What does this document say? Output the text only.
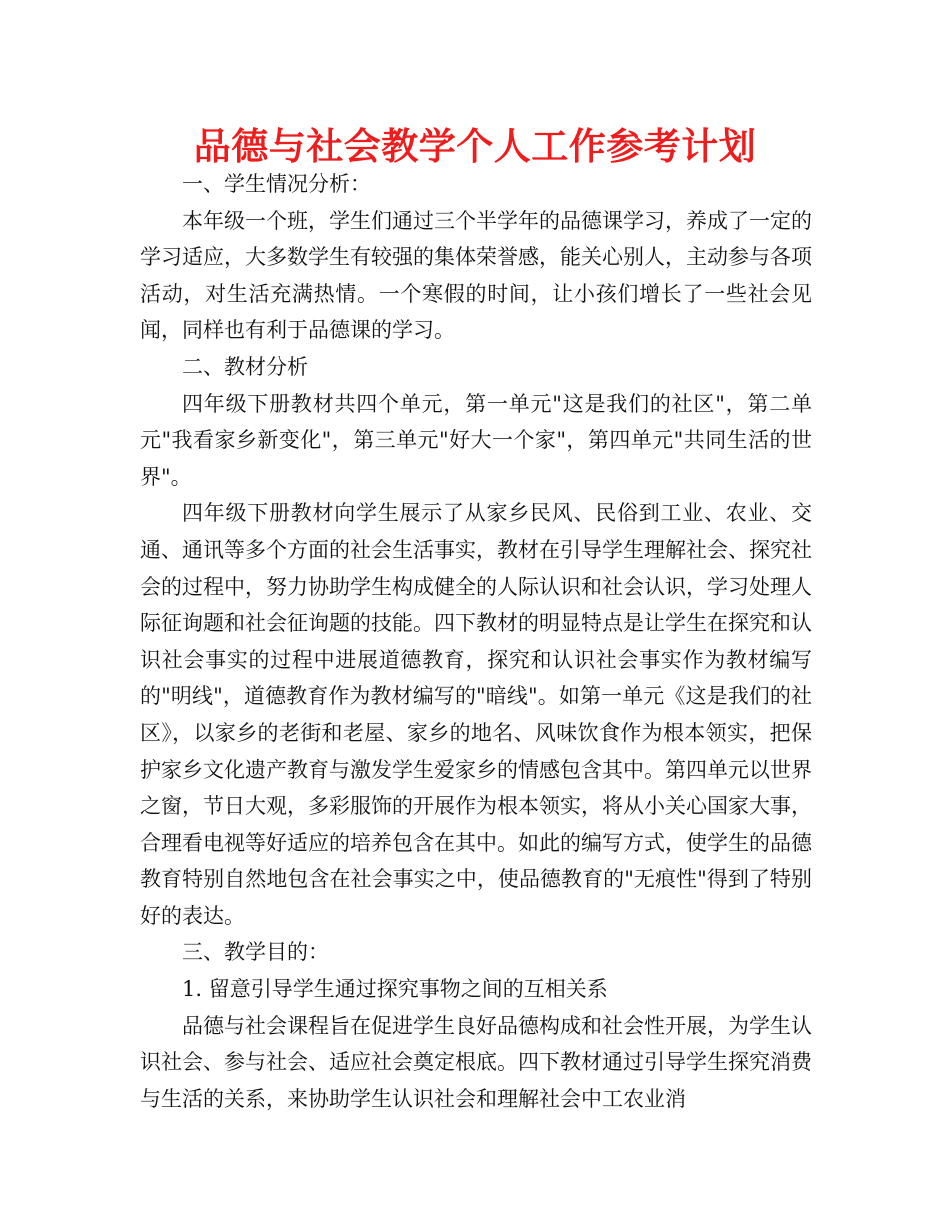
品德与社会教学个人工作参考计划

一、学生情况分析：

本年级一个班，学生们通过三个半学年的品德课学习，养成了一定的学习适应，大多数学生有较强的集体荣誉感，能关心别人，主动参与各项活动，对生活充满热情。一个寒假的时间，让小孩们增长了一些社会见闻，同样也有利于品德课的学习。

二、教材分析

四年级下册教材共四个单元，第一单元"这是我们的社区"，第二单元"我看家乡新变化"，第三单元"好大一个家"，第四单元"共同生活的世界"。

四年级下册教材向学生展示了从家乡民风、民俗到工业、农业、交通、通讯等多个方面的社会生活事实，教材在引导学生理解社会、探究社会的过程中，努力协助学生构成健全的人际认识和社会认识，学习处理人际征询题和社会征询题的技能。四下教材的明显特点是让学生在探究和认识社会事实的过程中进展道德教育，探究和认识社会事实作为教材编写的"明线"，道德教育作为教材编写的"暗线"。如第一单元《这是我们的社区》，以家乡的老街和老屋、家乡的地名、风味饮食作为根本领实，把保护家乡文化遗产教育与激发学生爱家乡的情感包含其中。第四单元以世界之窗，节日大观，多彩服饰的开展作为根本领实，将从小关心国家大事，合理看电视等好适应的培养包含在其中。如此的编写方式，使学生的品德教育特别自然地包含在社会事实之中，使品德教育的"无痕性"得到了特别好的表达。

三、教学目的：

1. 留意引导学生通过探究事物之间的互相关系

品德与社会课程旨在促进学生良好品德构成和社会性开展，为学生认识社会、参与社会、适应社会奠定根底。四下教材通过引导学生探究消费与生活的关系，来协助学生认识社会和理解社会中工农业消
